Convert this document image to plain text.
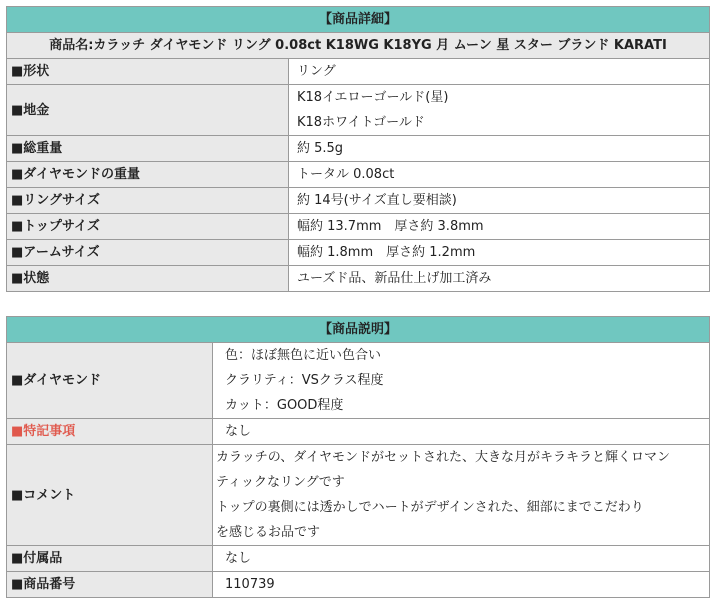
【商品詳細】	
商品名:カラッチ ダイヤモンド リング 0.08ct K18WG K18YG 月 ムーン 星 スター ブランド KARATI	
■形状	リング
■地金	K18イエローゴールド(星)
K18ホワイトゴールド

■総重量	約 5.5g
■ダイヤモンドの重量	トータル 0.08ct
■リングサイズ	約 14号(サイズ直し要相談)
■トップサイズ	幅約 13.7mm　厚さ約 3.8mm
■アームサイズ	幅約 1.8mm　厚さ約 1.2mm
■状態	ユーズド品、新品仕上げ加工済み
【商品説明】	
■ダイヤモンド	色：ほぼ無色に近い色合い
クラリティ：VSクラス程度
カット：GOOD程度

■特記事項	なし
■コメント	カラッチの、ダイヤモンドがセットされた、大きな月がキラキラと輝くロマン
ティックなリングです
トップの裏側には透かしでハートがデザインされた、細部にまでこだわり
を感じるお品です

■付属品	なし
■商品番号	110739
